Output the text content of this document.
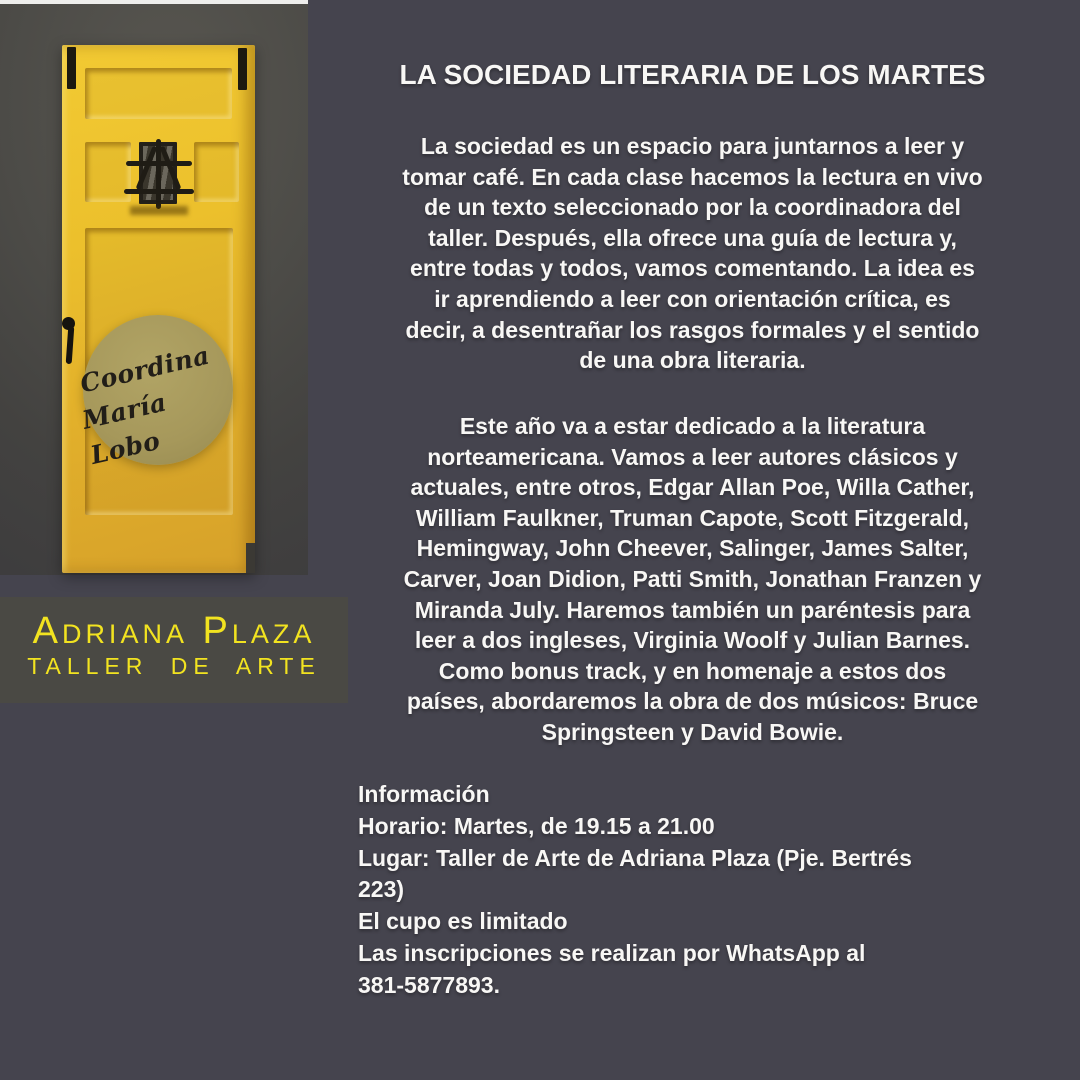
Coordina
María Lobo
Adriana Plaza
TALLER DE ARTE
LA SOCIEDAD LITERARIA DE LOS MARTES
La sociedad es un espacio para juntarnos a leer y
tomar café. En cada clase hacemos la lectura en vivo
de un texto seleccionado por la coordinadora del
taller. Después, ella ofrece una guía de lectura y,
entre todas y todos, vamos comentando. La idea es
ir aprendiendo a leer con orientación crítica, es
decir, a desentrañar los rasgos formales y el sentido
de una obra literaria.
Este año va a estar dedicado a la literatura
norteamericana. Vamos a leer autores clásicos y
actuales, entre otros, Edgar Allan Poe, Willa Cather,
William Faulkner, Truman Capote, Scott Fitzgerald,
Hemingway, John Cheever, Salinger, James Salter,
Carver, Joan Didion, Patti Smith, Jonathan Franzen y
Miranda July. Haremos también un paréntesis para
leer a dos ingleses, Virginia Woolf y Julian Barnes.
Como bonus track, y en homenaje a estos dos
países, abordaremos la obra de dos músicos: Bruce
Springsteen y David Bowie.
Información
Horario: Martes, de 19.15 a 21.00
Lugar: Taller de Arte de Adriana Plaza (Pje. Bertrés
223)
El cupo es limitado
Las inscripciones se realizan por WhatsApp al
381-5877893.
